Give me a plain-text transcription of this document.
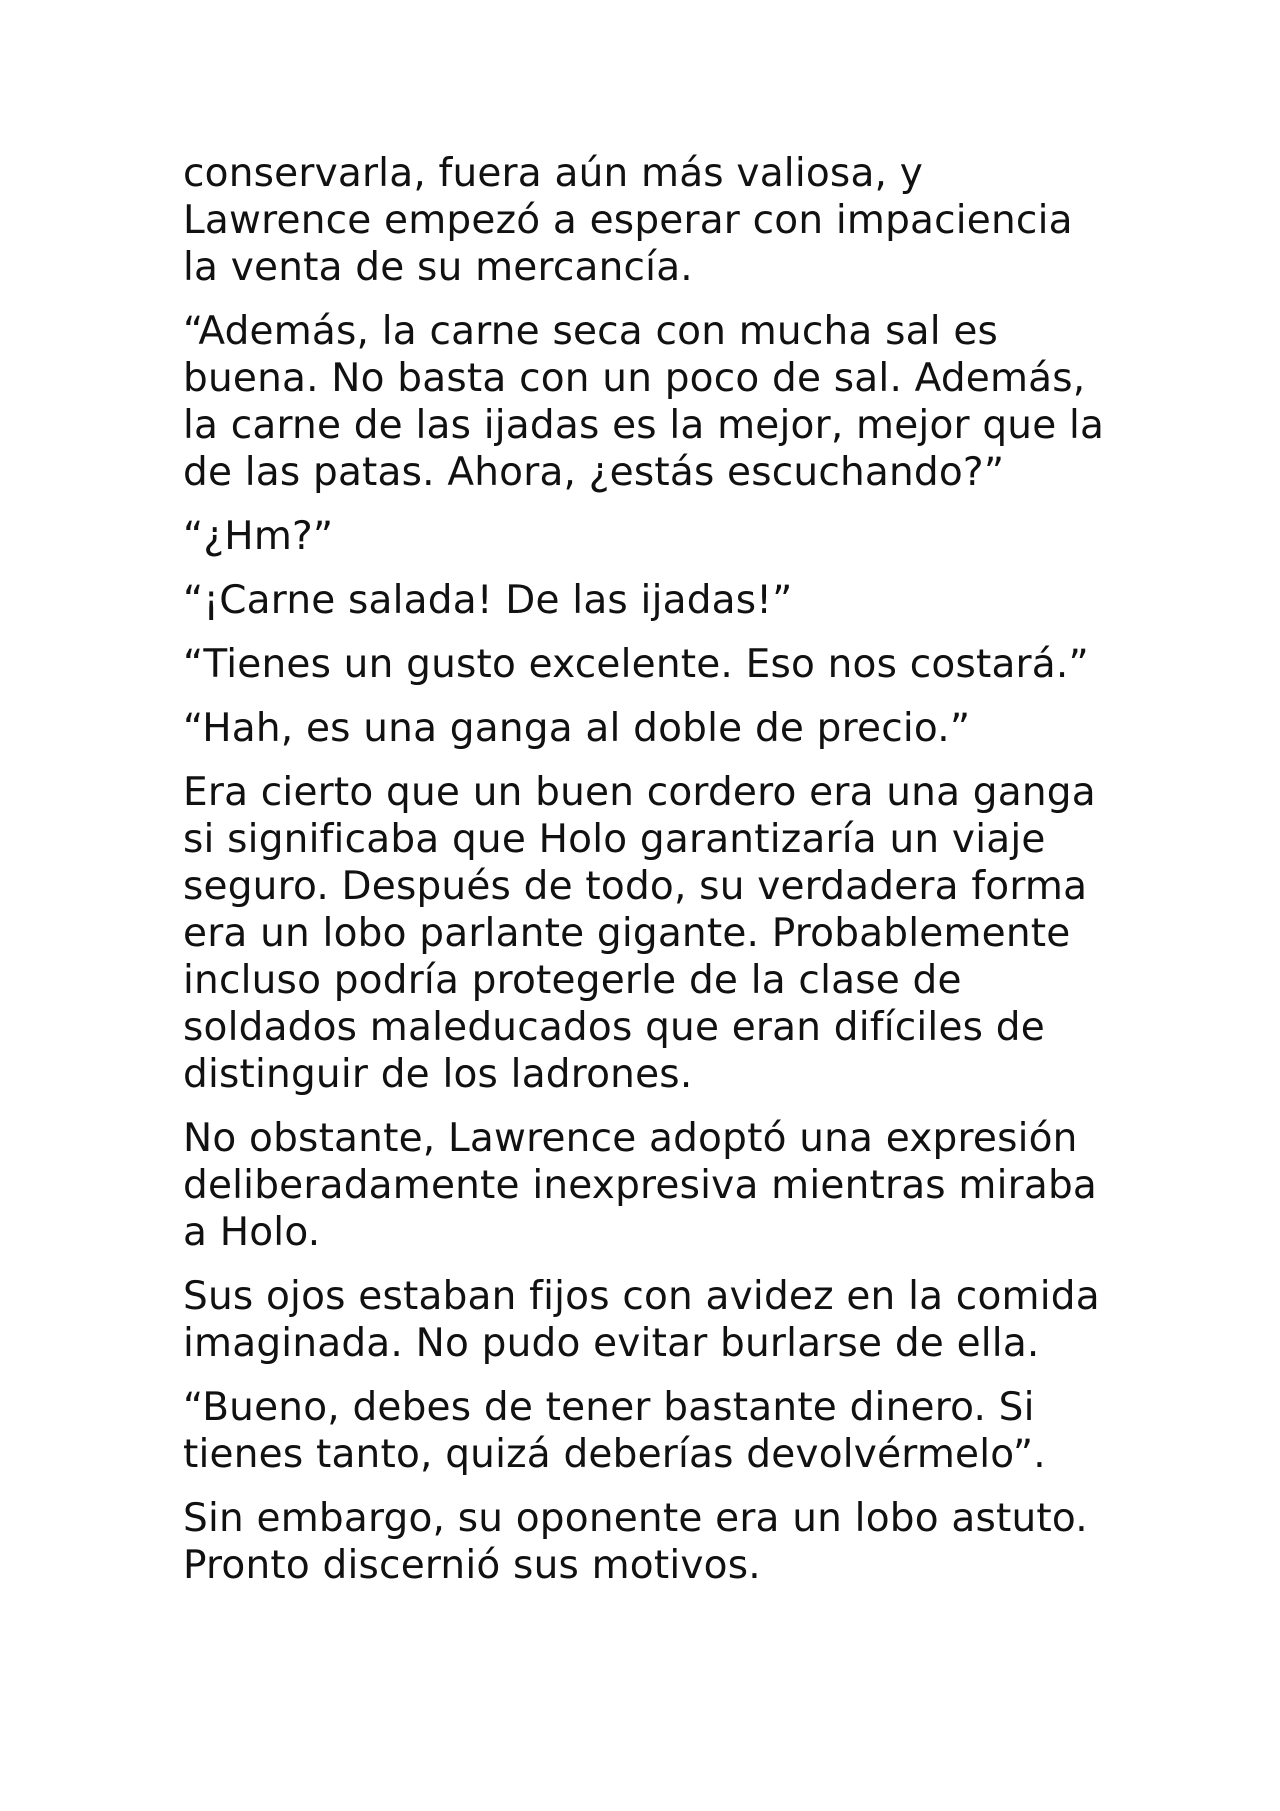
conservarla, fuera aún más valiosa, y
Lawrence empezó a esperar con impaciencia
la venta de su mercancía.

“Además, la carne seca con mucha sal es
buena. No basta con un poco de sal. Además,
la carne de las ijadas es la mejor, mejor que la
de las patas. Ahora, ¿estás escuchando?”

“¿Hm?”

“¡Carne salada! De las ijadas!”

“Tienes un gusto excelente. Eso nos costará.”

“Hah, es una ganga al doble de precio.”

Era cierto que un buen cordero era una ganga
si significaba que Holo garantizaría un viaje
seguro. Después de todo, su verdadera forma
era un lobo parlante gigante. Probablemente
incluso podría protegerle de la clase de
soldados maleducados que eran difíciles de
distinguir de los ladrones.

No obstante, Lawrence adoptó una expresión
deliberadamente inexpresiva mientras miraba
a Holo.

Sus ojos estaban fijos con avidez en la comida
imaginada. No pudo evitar burlarse de ella.

“Bueno, debes de tener bastante dinero. Si
tienes tanto, quizá deberías devolvérmelo”.

Sin embargo, su oponente era un lobo astuto.
Pronto discernió sus motivos.
